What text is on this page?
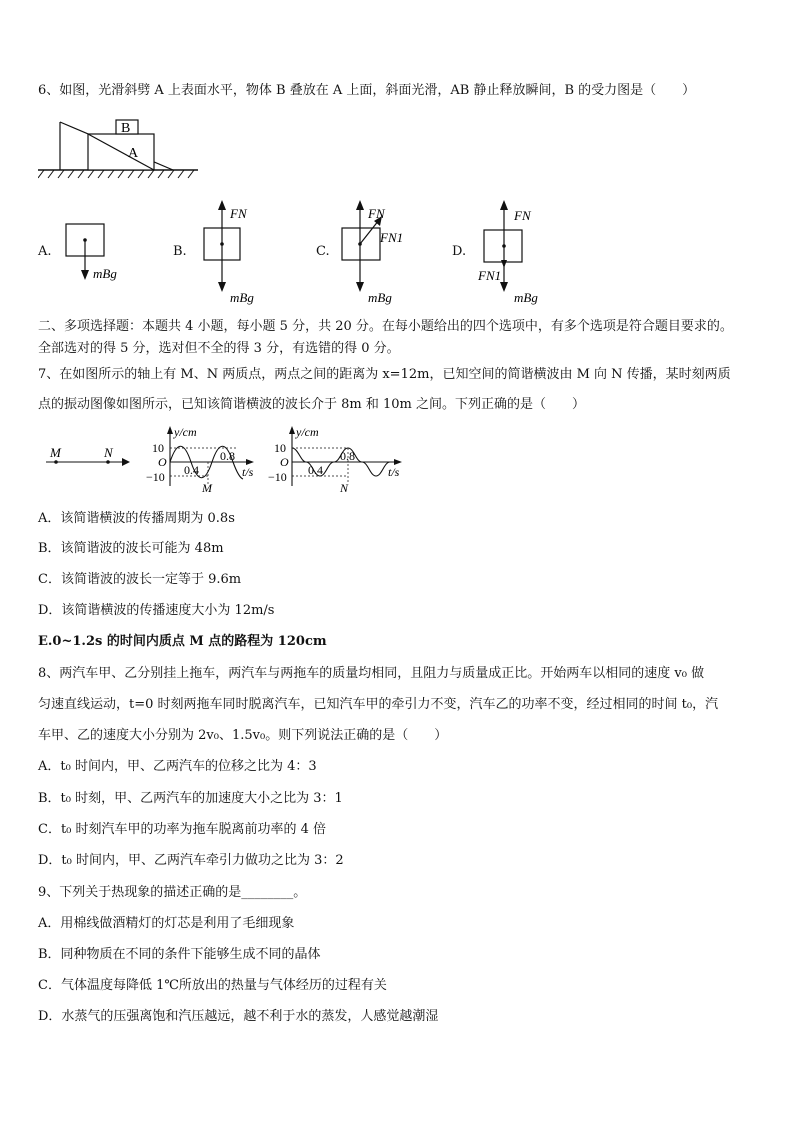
6、如图，光滑斜劈 A 上表面水平，物体 B 叠放在 A 上面，斜面光滑，AB 静止释放瞬间，B 的受力图是（　　）
B
A
A.
mBg
B.
FN
mBg
C.
FN
FN1
mBg
D.
FN
FN1
mBg
二、多项选择题：本题共 4 小题，每小题 5 分，共 20 分。在每小题给出的四个选项中，有多个选项是符合题目要求的。
全部选对的得 5 分，选对但不全的得 3 分，有选错的得 0 分。
7、在如图所示的轴上有 M、N 两质点，两点之间的距离为 x=12m，已知空间的简谐横波由 M 向 N 传播，某时刻两质
点的振动图像如图所示，已知该简谐横波的波长介于 8m 和 10m 之间。下列正确的是（　　）
M	N
y/cm
10
O
−10 0.4
0.8
t/s
M
y/cm
10
O
−10 0.4
0.8
t/s
N
A．该简谐横波的传播周期为 0.8s
B．该简谐波的波长可能为 48m
C．该简谐波的波长一定等于 9.6m
D．该简谐横波的传播速度大小为 12m/s
E.0~1.2s 的时间内质点 M 点的路程为 120cm
8、两汽车甲、乙分别挂上拖车，两汽车与两拖车的质量均相同，且阻力与质量成正比。开始两车以相同的速度 v₀ 做
匀速直线运动，t=0 时刻两拖车同时脱离汽车，已知汽车甲的牵引力不变，汽车乙的功率不变，经过相同的时间 t₀，汽
车甲、乙的速度大小分别为 2v₀、1.5v₀。则下列说法正确的是（　　）
A．t₀ 时间内，甲、乙两汽车的位移之比为 4：3
B．t₀ 时刻，甲、乙两汽车的加速度大小之比为 3：1
C．t₀ 时刻汽车甲的功率为拖车脱离前功率的 4 倍
D．t₀ 时间内，甲、乙两汽车牵引力做功之比为 3：2
9、下列关于热现象的描述正确的是________。
A．用棉线做酒精灯的灯芯是利用了毛细现象
B．同种物质在不同的条件下能够生成不同的晶体
C．气体温度每降低 1℃所放出的热量与气体经历的过程有关
D．水蒸气的压强离饱和汽压越远，越不利于水的蒸发，人感觉越潮湿
